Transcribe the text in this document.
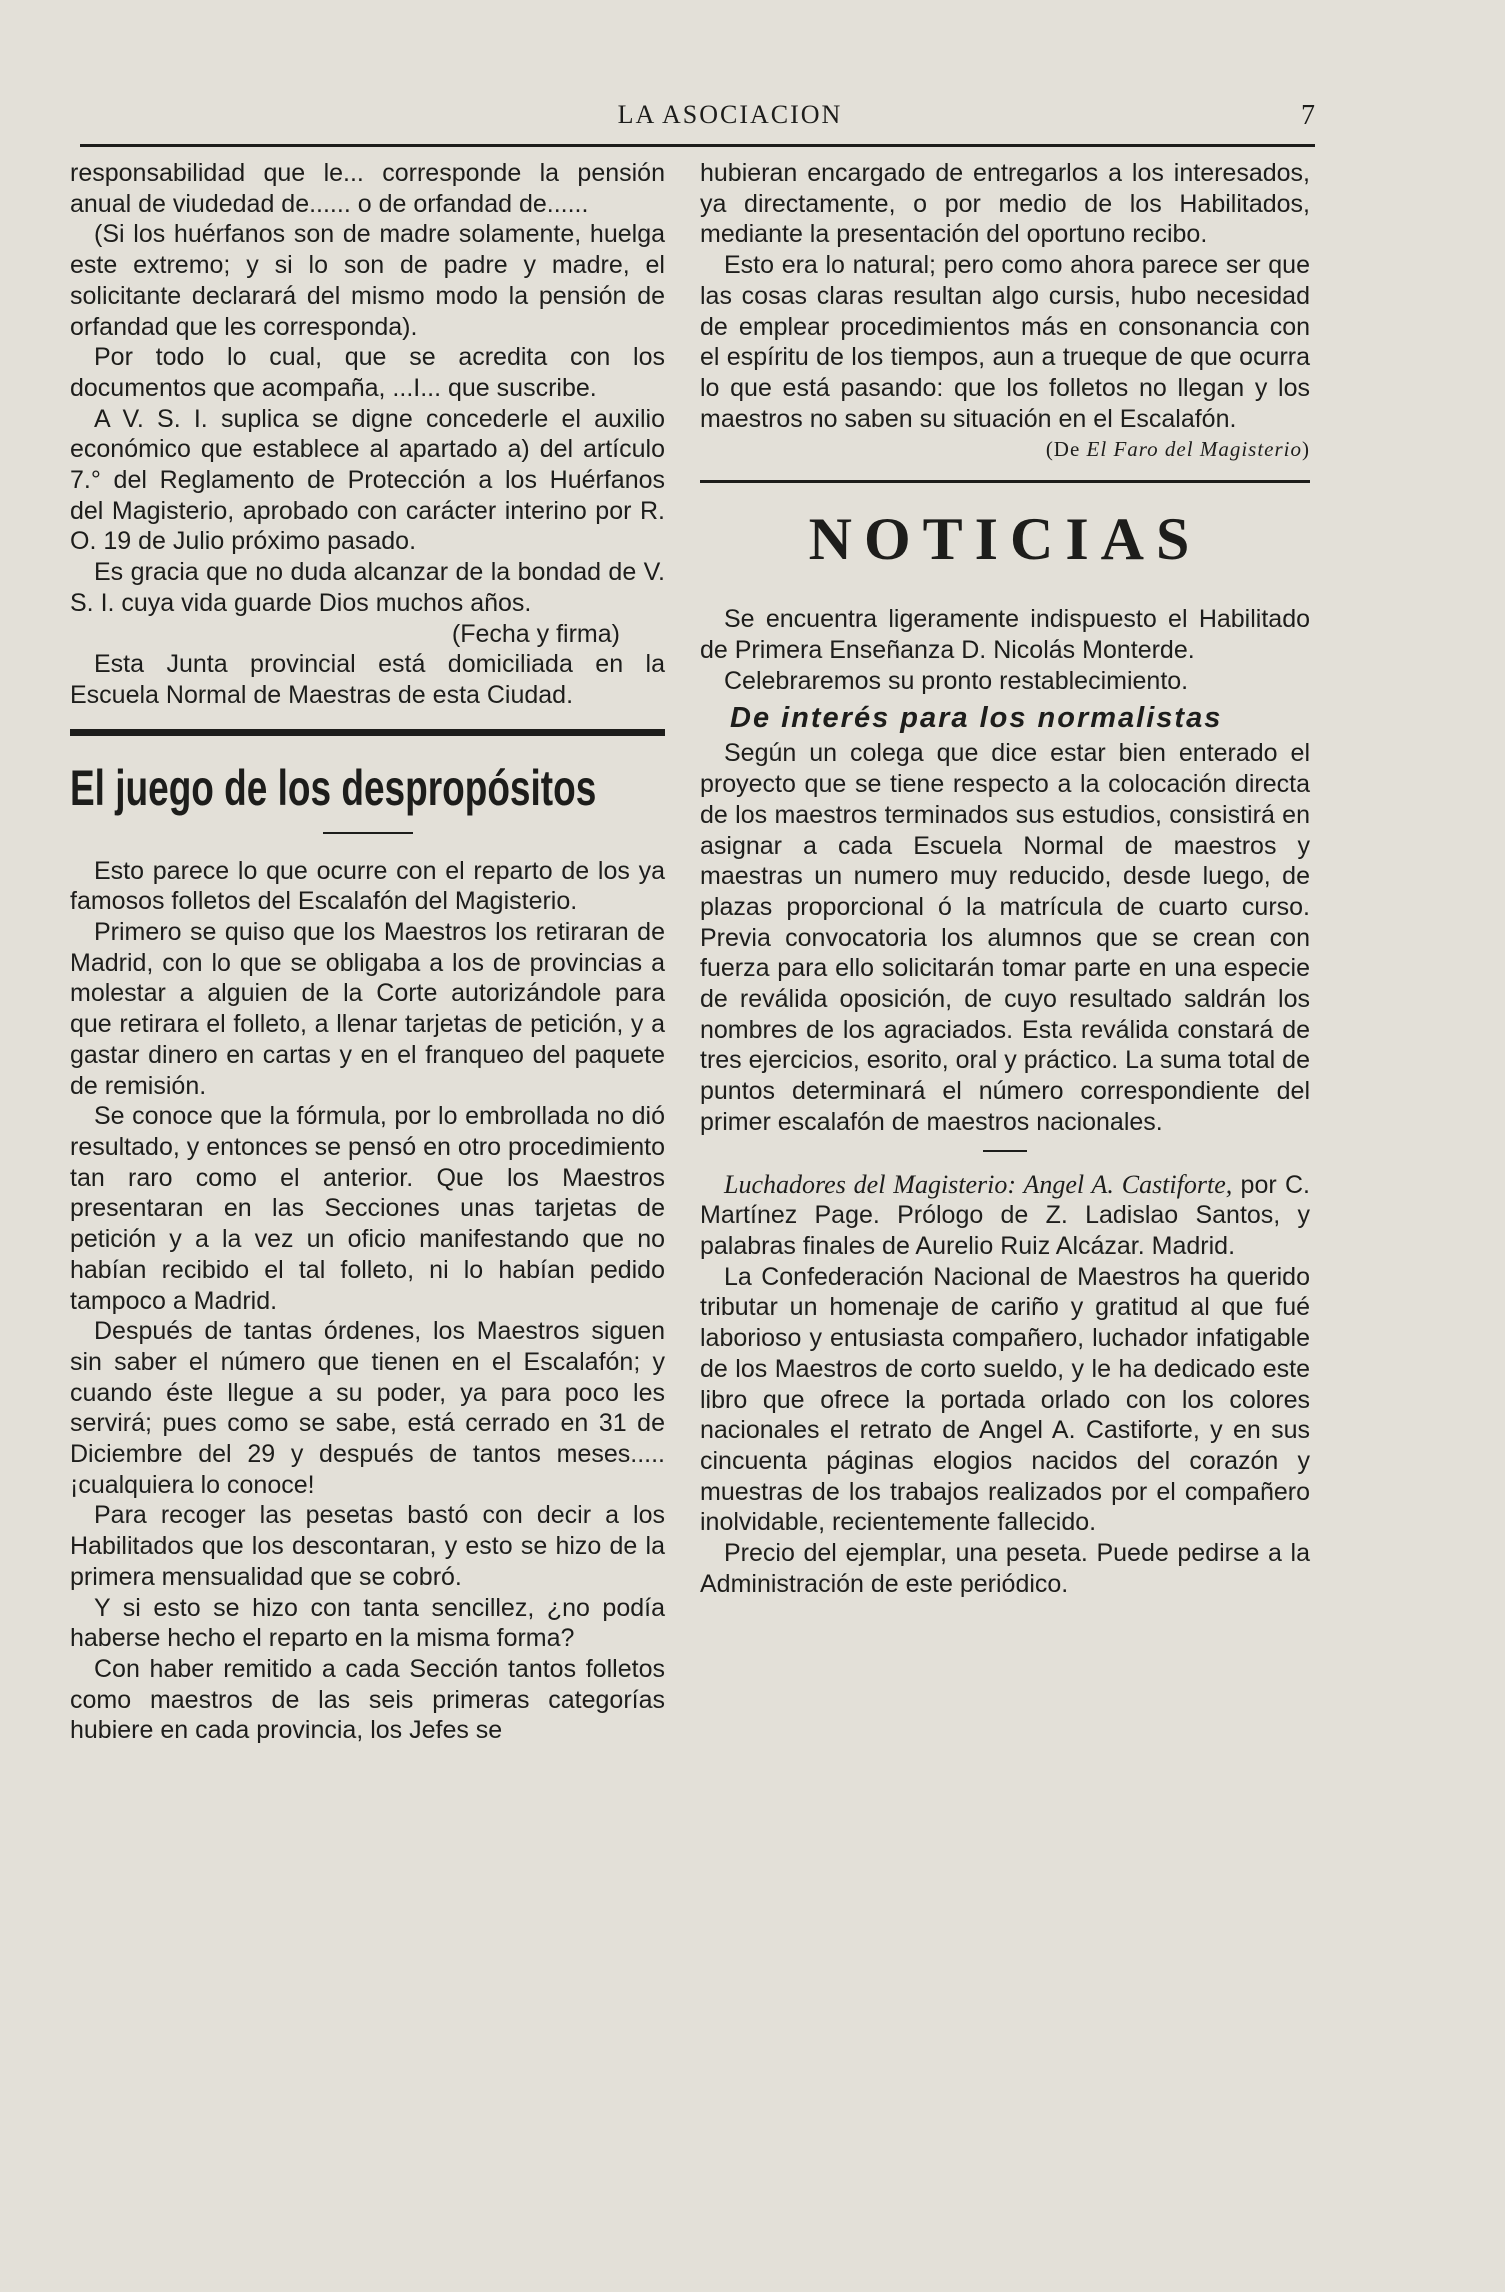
LA ASOCIACION	7

responsabilidad que le... corresponde la pensión anual de viudedad de...... o de orfandad de......

(Si los huérfanos son de madre solamente, huelga este extremo; y si lo son de padre y madre, el solicitante declarará del mismo modo la pensión de orfandad que les corresponda).

Por todo lo cual, que se acredita con los documentos que acompaña, ...I... que suscribe.

A V. S. I. suplica se digne concederle el auxilio económico que establece al apartado a) del artículo 7.° del Reglamento de Protección a los Huérfanos del Magisterio, aprobado con carácter interino por R. O. 19 de Julio próximo pasado.

Es gracia que no duda alcanzar de la bondad de V. S. I. cuya vida guarde Dios muchos años.

(Fecha y firma)

Esta Junta provincial está domiciliada en la Escuela Normal de Maestras de esta Ciudad.

El juego de los despropósitos

Esto parece lo que ocurre con el reparto de los ya famosos folletos del Escalafón del Magisterio.

Primero se quiso que los Maestros los retiraran de Madrid, con lo que se obligaba a los de provincias a molestar a alguien de la Corte autorizándole para que retirara el folleto, a llenar tarjetas de petición, y a gastar dinero en cartas y en el franqueo del paquete de remisión.

Se conoce que la fórmula, por lo embrollada no dió resultado, y entonces se pensó en otro procedimiento tan raro como el anterior. Que los Maestros presentaran en las Secciones unas tarjetas de petición y a la vez un oficio manifestando que no habían recibido el tal folleto, ni lo habían pedido tampoco a Madrid.

Después de tantas órdenes, los Maestros siguen sin saber el número que tienen en el Escalafón; y cuando éste llegue a su poder, ya para poco les servirá; pues como se sabe, está cerrado en 31 de Diciembre del 29 y después de tantos meses..... ¡cualquiera lo conoce!

Para recoger las pesetas bastó con decir a los Habilitados que los descontaran, y esto se hizo de la primera mensualidad que se cobró.

Y si esto se hizo con tanta sencillez, ¿no podía haberse hecho el reparto en la misma forma?

Con haber remitido a cada Sección tantos folletos como maestros de las seis primeras categorías hubiere en cada provincia, los Jefes se

hubieran encargado de entregarlos a los interesados, ya directamente, o por medio de los Habilitados, mediante la presentación del oportuno recibo.

Esto era lo natural; pero como ahora parece ser que las cosas claras resultan algo cursis, hubo necesidad de emplear procedimientos más en consonancia con el espíritu de los tiempos, aun a trueque de que ocurra lo que está pasando: que los folletos no llegan y los maestros no saben su situación en el Escalafón.

(De El Faro del Magisterio)
NOTICIAS

Se encuentra ligeramente indispuesto el Habilitado de Primera Enseñanza D. Nicolás Monterde.

Celebraremos su pronto restablecimiento.

De interés para los normalistas

Según un colega que dice estar bien enterado el proyecto que se tiene respecto a la colocación directa de los maestros terminados sus estudios, consistirá en asignar a cada Escuela Normal de maestros y maestras un numero muy reducido, desde luego, de plazas proporcional ó la matrícula de cuarto curso. Previa convocatoria los alumnos que se crean con fuerza para ello solicitarán tomar parte en una especie de reválida oposición, de cuyo resultado saldrán los nombres de los agraciados. Esta reválida constará de tres ejercicios, esorito, oral y práctico. La suma total de puntos determinará el número correspondiente del primer escalafón de maestros nacionales.

Luchadores del Magisterio: Angel A. Castiforte, por C. Martínez Page. Prólogo de Z. Ladislao Santos, y palabras finales de Aurelio Ruiz Alcázar. Madrid.

La Confederación Nacional de Maestros ha querido tributar un homenaje de cariño y gratitud al que fué laborioso y entusiasta compañero, luchador infatigable de los Maestros de corto sueldo, y le ha dedicado este libro que ofrece la portada orlado con los colores nacionales el retrato de Angel A. Castiforte, y en sus cincuenta páginas elogios nacidos del corazón y muestras de los trabajos realizados por el compañero inolvidable, recientemente fallecido.

Precio del ejemplar, una peseta. Puede pedirse a la Administración de este periódico.
